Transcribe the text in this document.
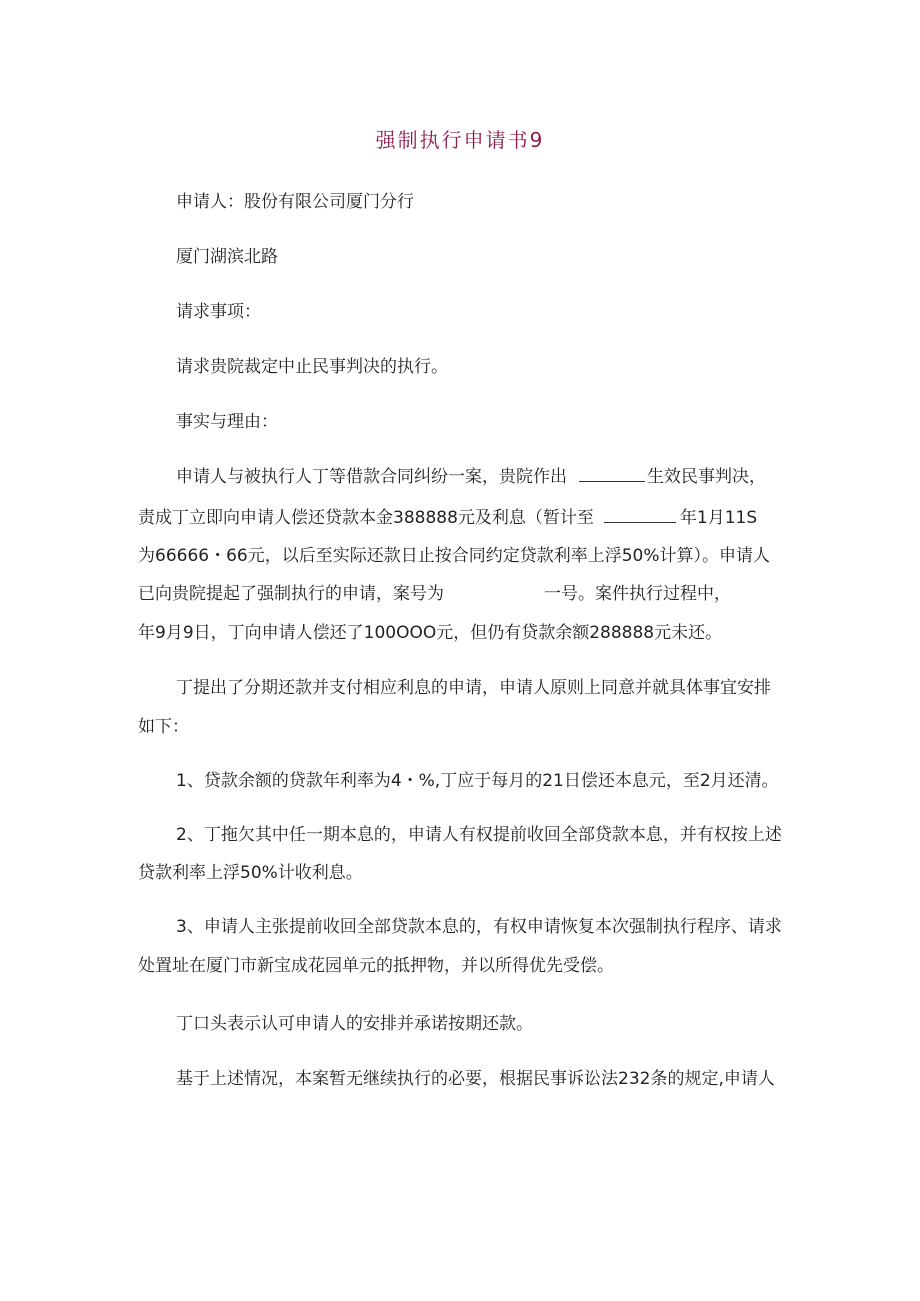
强制执行申请书9
申请人：股份有限公司厦门分行
厦门湖滨北路
请求事项：
请求贵院裁定中止民事判决的执行。
事实与理由：
申请人与被执行人丁等借款合同纠纷一案，贵院作出	生效民事判决，
责成丁立即向申请人偿还贷款本金388888元及利息（暂计至	年1月11S
为66666・66元，以后至实际还款日止按合同约定贷款利率上浮50%计算）。申请人
已向贵院提起了强制执行的申请，案号为	一号。案件执行过程中，
年9月9日，丁向申请人偿还了100OOO元，但仍有贷款余额288888元未还。
丁提出了分期还款并支付相应利息的申请，申请人原则上同意并就具体事宜安排
如下：
1、贷款余额的贷款年利率为4・%,丁应于每月的21日偿还本息元，至2月还清。
2、丁拖欠其中任一期本息的，申请人有权提前收回全部贷款本息，并有权按上述
贷款利率上浮50%计收利息。
3、申请人主张提前收回全部贷款本息的，有权申请恢复本次强制执行程序、请求
处置址在厦门市新宝成花园单元的抵押物，并以所得优先受偿。
丁口头表示认可申请人的安排并承诺按期还款。
基于上述情况，本案暂无继续执行的必要，根据民事诉讼法232条的规定,申请人
